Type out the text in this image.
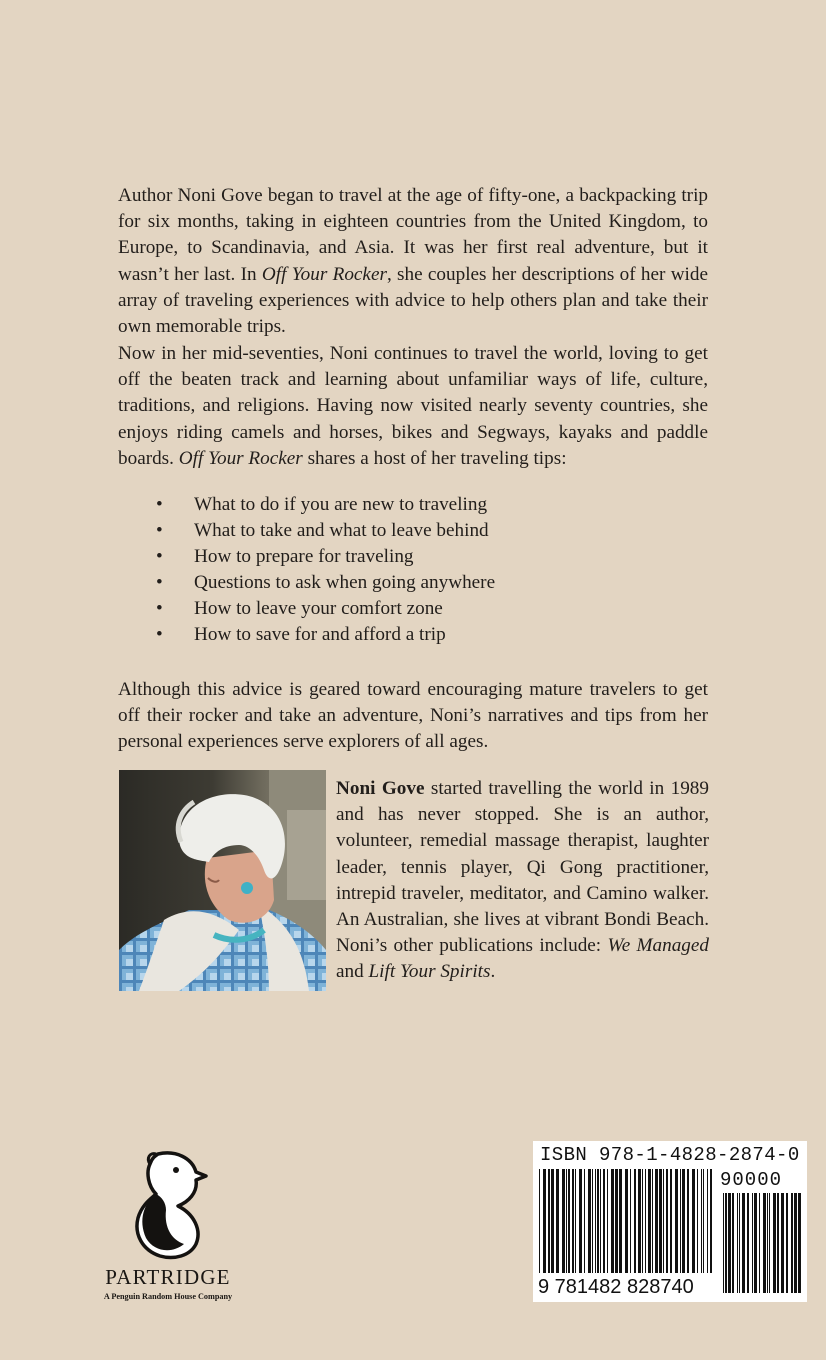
Author Noni Gove began to travel at the age of fifty-one, a backpacking trip for six months, taking in eighteen countries from the United Kingdom, to Europe, to Scandinavia, and Asia. It was her first real adventure, but it wasn’t her last. In Off Your Rocker, she couples her descriptions of her wide array of traveling experiences with advice to help others plan and take their own memorable trips.

Now in her mid-seventies, Noni continues to travel the world, loving to get off the beaten track and learning about unfamiliar ways of life, culture, traditions, and religions. Having now visited nearly seventy countries, she enjoys riding camels and horses, bikes and Segways, kayaks and paddle boards. Off Your Rocker shares a host of her traveling tips:

• What to do if you are new to traveling
• What to take and what to leave behind
• How to prepare for traveling
• Questions to ask when going anywhere
• How to leave your comfort zone
• How to save for and afford a trip

Although this advice is geared toward encouraging mature travelers to get off their rocker and take an adventure, Noni’s narratives and tips from her personal experiences serve explorers of all ages.

Noni Gove started travelling the world in 1989 and has never stopped. She is an author, volunteer, remedial massage therapist, laughter leader, tennis player, Qi Gong practitioner, intrepid traveler, meditator, and Camino walker. An Australian, she lives at vibrant Bondi Beach. Noni’s other publications include: We Managed and Lift Your Spirits.

PARTRIDGE
A Penguin Random House Company
ISBN 978-1-4828-2874-0
90000
9 781482 828740
